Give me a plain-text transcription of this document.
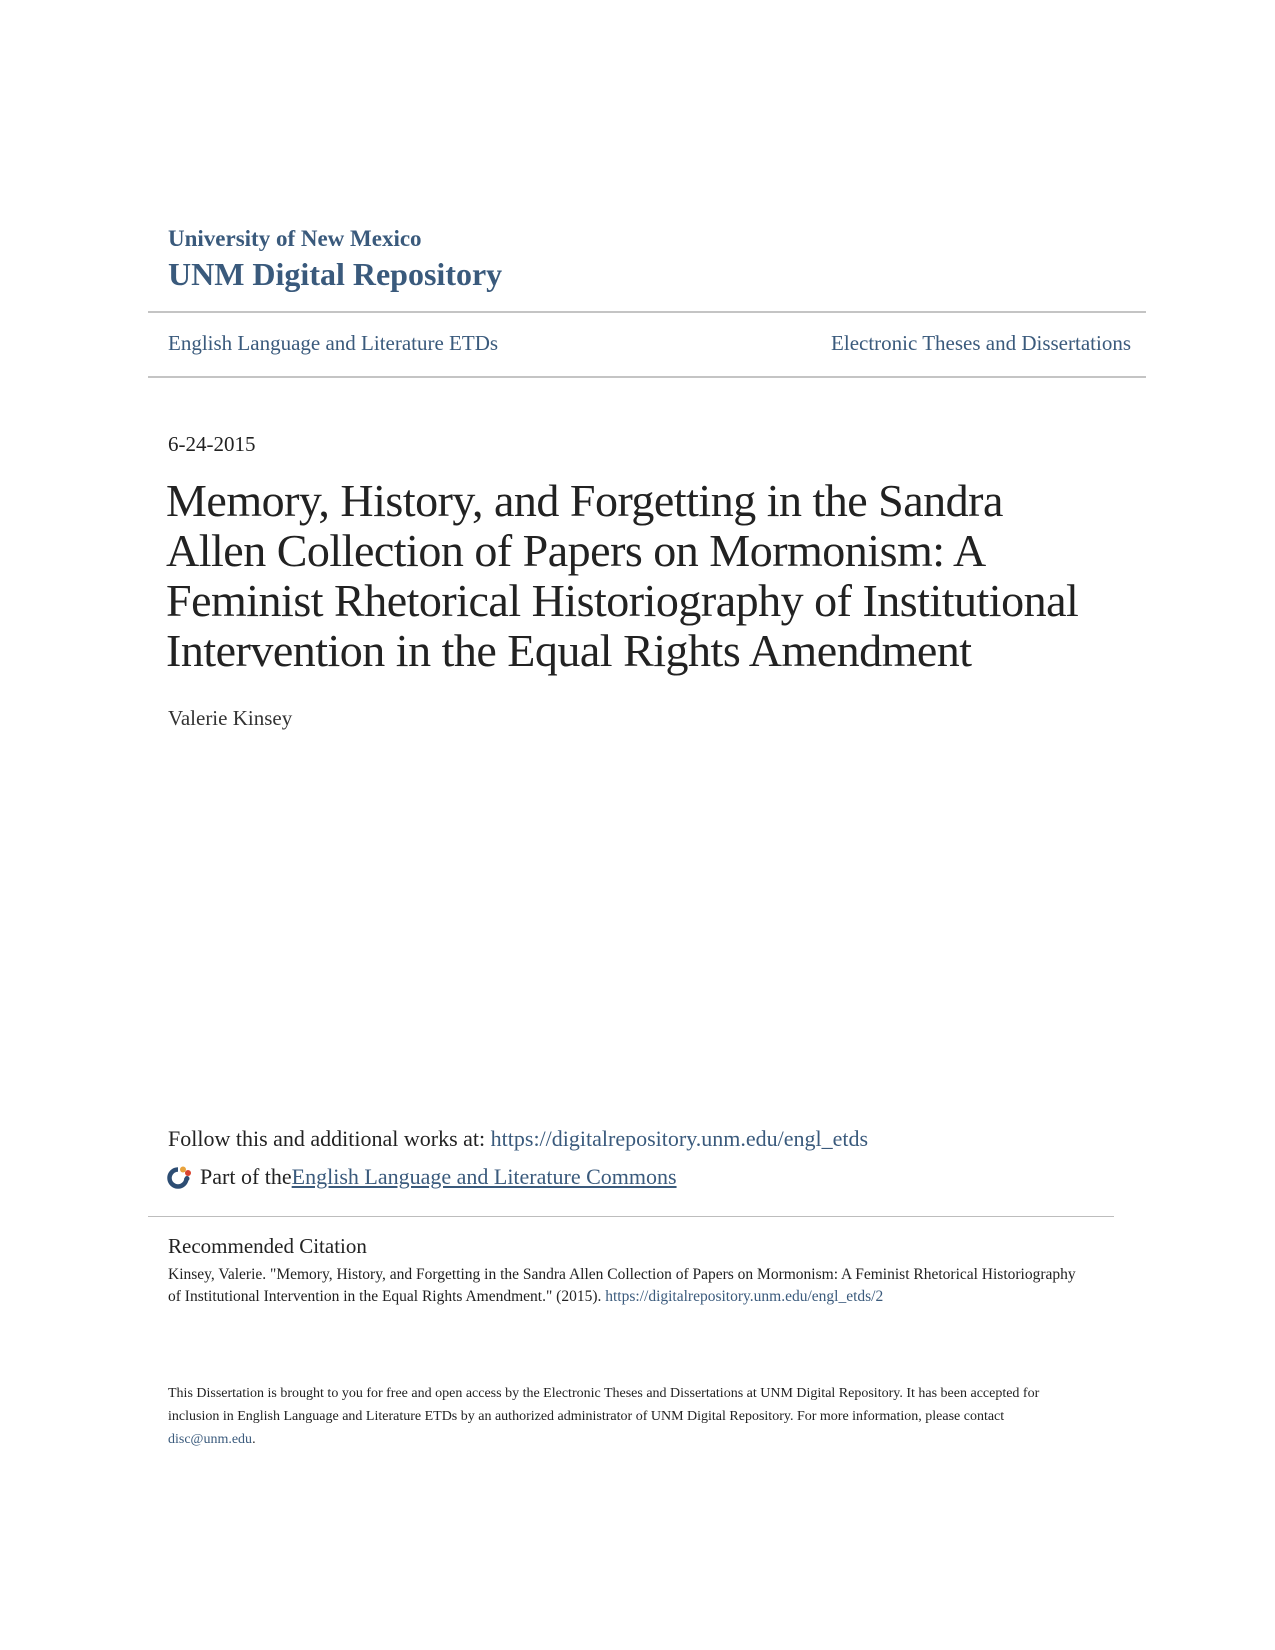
University of New Mexico
UNM Digital Repository
English Language and Literature ETDs	Electronic Theses and Dissertations
6-24-2015
Memory, History, and Forgetting in the Sandra Allen Collection of Papers on Mormonism: A Feminist Rhetorical Historiography of Institutional Intervention in the Equal Rights Amendment
Valerie Kinsey
Follow this and additional works at: https://digitalrepository.unm.edu/engl_etds
Part of the English Language and Literature Commons
Recommended Citation
Kinsey, Valerie. "Memory, History, and Forgetting in the Sandra Allen Collection of Papers on Mormonism: A Feminist Rhetorical Historiography of Institutional Intervention in the Equal Rights Amendment." (2015). https://digitalrepository.unm.edu/engl_etds/2
This Dissertation is brought to you for free and open access by the Electronic Theses and Dissertations at UNM Digital Repository. It has been accepted for inclusion in English Language and Literature ETDs by an authorized administrator of UNM Digital Repository. For more information, please contact disc@unm.edu.
